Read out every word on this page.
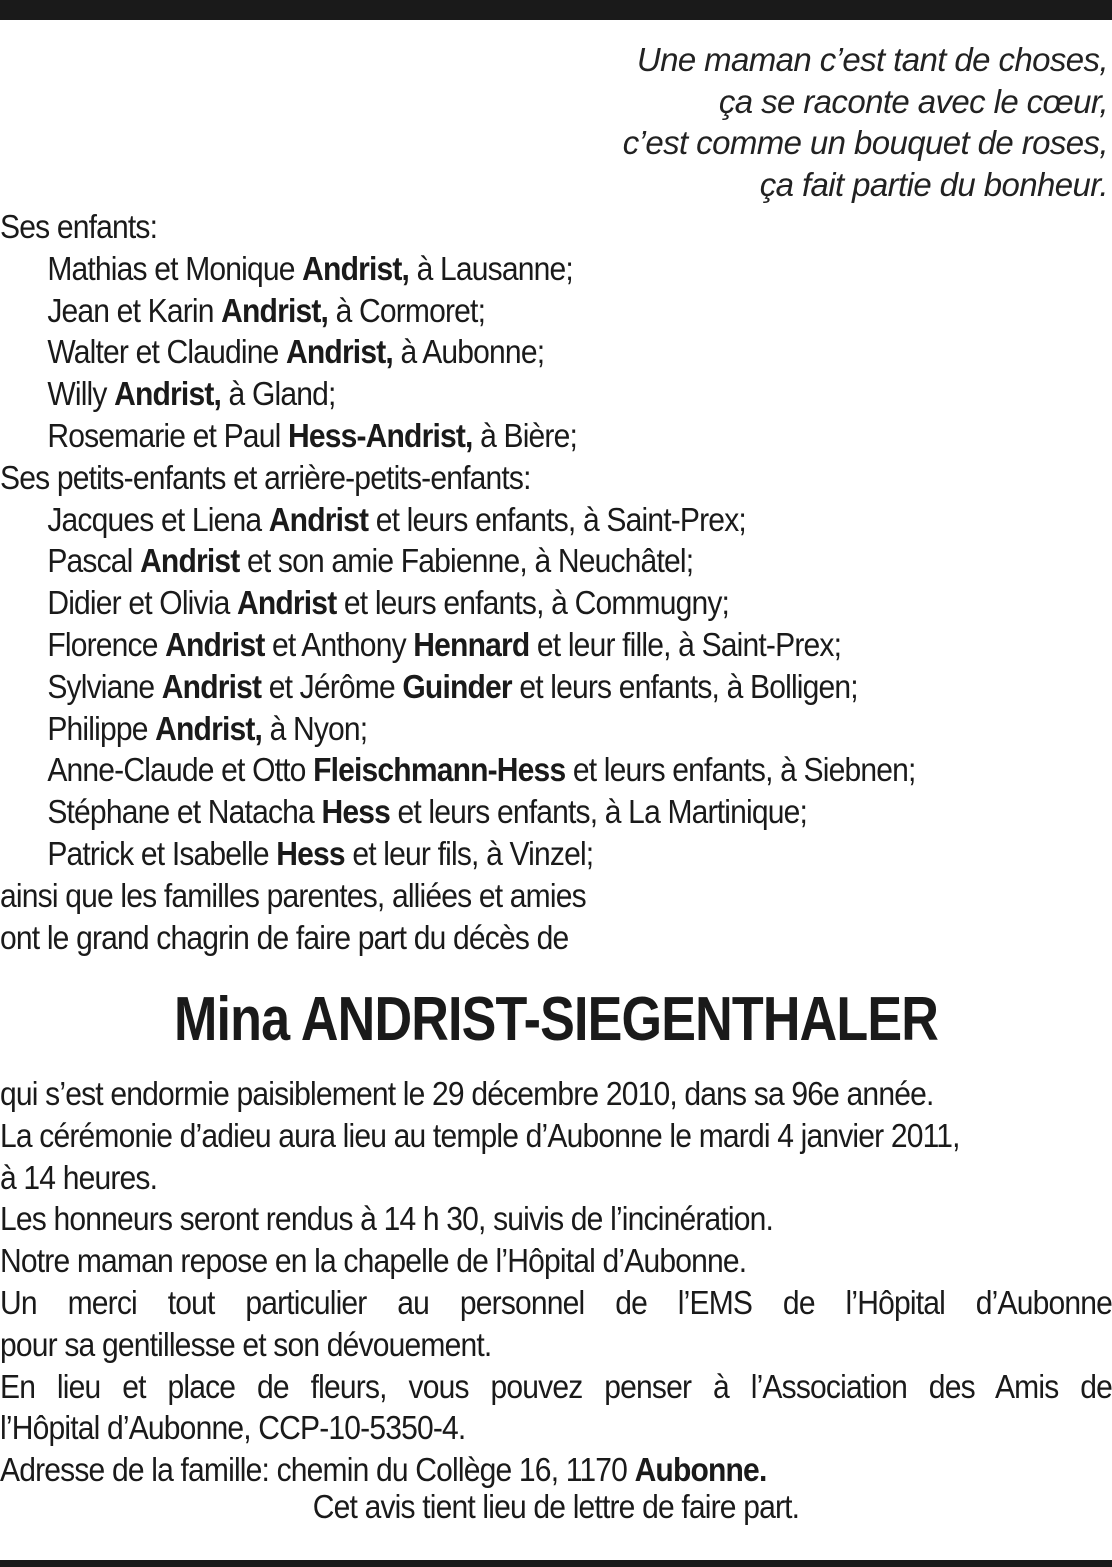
Une maman c’est tant de choses,
ça se raconte avec le cœur,
c’est comme un bouquet de roses,
ça fait partie du bonheur.
Ses enfants:
Mathias et Monique Andrist, à Lausanne;
Jean et Karin Andrist, à Cormoret;
Walter et Claudine Andrist, à Aubonne;
Willy Andrist, à Gland;
Rosemarie et Paul Hess-Andrist, à Bière;
Ses petits-enfants et arrière-petits-enfants:
Jacques et Liena Andrist et leurs enfants, à Saint-Prex;
Pascal Andrist et son amie Fabienne, à Neuchâtel;
Didier et Olivia Andrist et leurs enfants, à Commugny;
Florence Andrist et Anthony Hennard et leur fille, à Saint-Prex;
Sylviane Andrist et Jérôme Guinder et leurs enfants, à Bolligen;
Philippe Andrist, à Nyon;
Anne-Claude et Otto Fleischmann-Hess et leurs enfants, à Siebnen;
Stéphane et Natacha Hess et leurs enfants, à La Martinique;
Patrick et Isabelle Hess et leur fils, à Vinzel;
ainsi que les familles parentes, alliées et amies
ont le grand chagrin de faire part du décès de
Mina ANDRIST-SIEGENTHALER
qui s’est endormie paisiblement le 29 décembre 2010, dans sa 96e année.
La cérémonie d’adieu aura lieu au temple d’Aubonne le mardi 4 janvier 2011,
à 14 heures.
Les honneurs seront rendus à 14 h 30, suivis de l’incinération.
Notre maman repose en la chapelle de l’Hôpital d’Aubonne.
Un merci tout particulier au personnel de l’EMS de l’Hôpital d’Aubonne
pour sa gentillesse et son dévouement.
En lieu et place de fleurs, vous pouvez penser à l’Association des Amis de
l’Hôpital d’Aubonne, CCP-10-5350-4.
Adresse de la famille: chemin du Collège 16, 1170 Aubonne.
Cet avis tient lieu de lettre de faire part.
